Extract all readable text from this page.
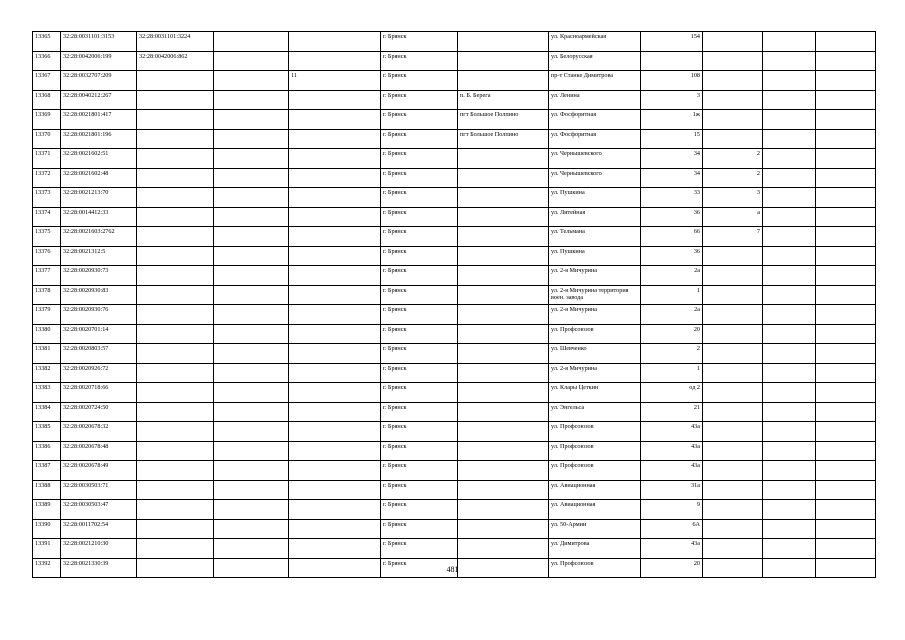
13365	32:28:0031101:3153	32:28:0031101:3224			г. Брянск		ул. Красноармейская	154			
13366	32:28:0042006:199	32:28:0042006:862			г. Брянск		ул. Белорусская				
13367	32:28:0032707:209			11	г. Брянск		пр-т Станке Димитрова	108			
13368	32:28:0040212:267				г. Брянск	п. Б. Берега	ул. Ленина	3			
13369	32:28:0021801:417				г. Брянск	пгт Большое Полпино	ул. Фосфоритная	1ж			
13370	32:28:0021801:196				г. Брянск	пгт Большое Полпино	ул. Фосфоритная	15			
13371	32:28:0021602:51				г. Брянск		ул. Чернышевского	34	2		
13372	32:28:0021602:48				г. Брянск		ул. Чернышевского	34	2		
13373	32:28:0021213:70				г. Брянск		ул. Пушкина	33	3		
13374	32:28:0014412:33				г. Брянск		ул. Литейная	36	а		
13375	32:28:0021603:2762				г. Брянск		ул. Тельмана	66	7		
13376	32:28:0021312:5				г. Брянск		ул. Пушкина	36			
13377	32:28:0020930:73				г. Брянск		ул. 2-я Мичурина	2а			
13378	32:28:0020930:83				г. Брянск		ул. 2-я Мичурина территория воен. завода	1			
13379	32:28:0020930:76				г. Брянск		ул. 2-я Мичурина	2а			
13380	32:28:0020701:14				г. Брянск		ул. Профсоюзов	20			
13381	32:28:0020803:57				г. Брянск		ул. Шевченко	2			
13382	32:28:0020926:72				г. Брянск		ул. 2-я Мичурина	1			
13383	32:28:0020718:66				г. Брянск		ул. Клары Цеткин	од 2			
13384	32:28:0020724:50				г. Брянск		ул. Энгельса	21			
13385	32:28:0020678:32				г. Брянск		ул. Профсоюзов	43а			
13386	32:28:0020678:48				г. Брянск		ул. Профсоюзов	43а			
13387	32:28:0020678:49				г. Брянск		ул. Профсоюзов	43а			
13388	32:28:0030503:71				г. Брянск		ул. Авиационная	31а			
13389	32:28:0030503:47				г. Брянск		ул. Авиационная	9			
13390	32:28:0011702:54				г. Брянск		ул. 50-Армии	6А			
13391	32:28:0021210:30				г. Брянск		ул. Димитрова	43а			
13392	32:28:0021330:39				г. Брянск		ул. Профсоюзов	20			
481
